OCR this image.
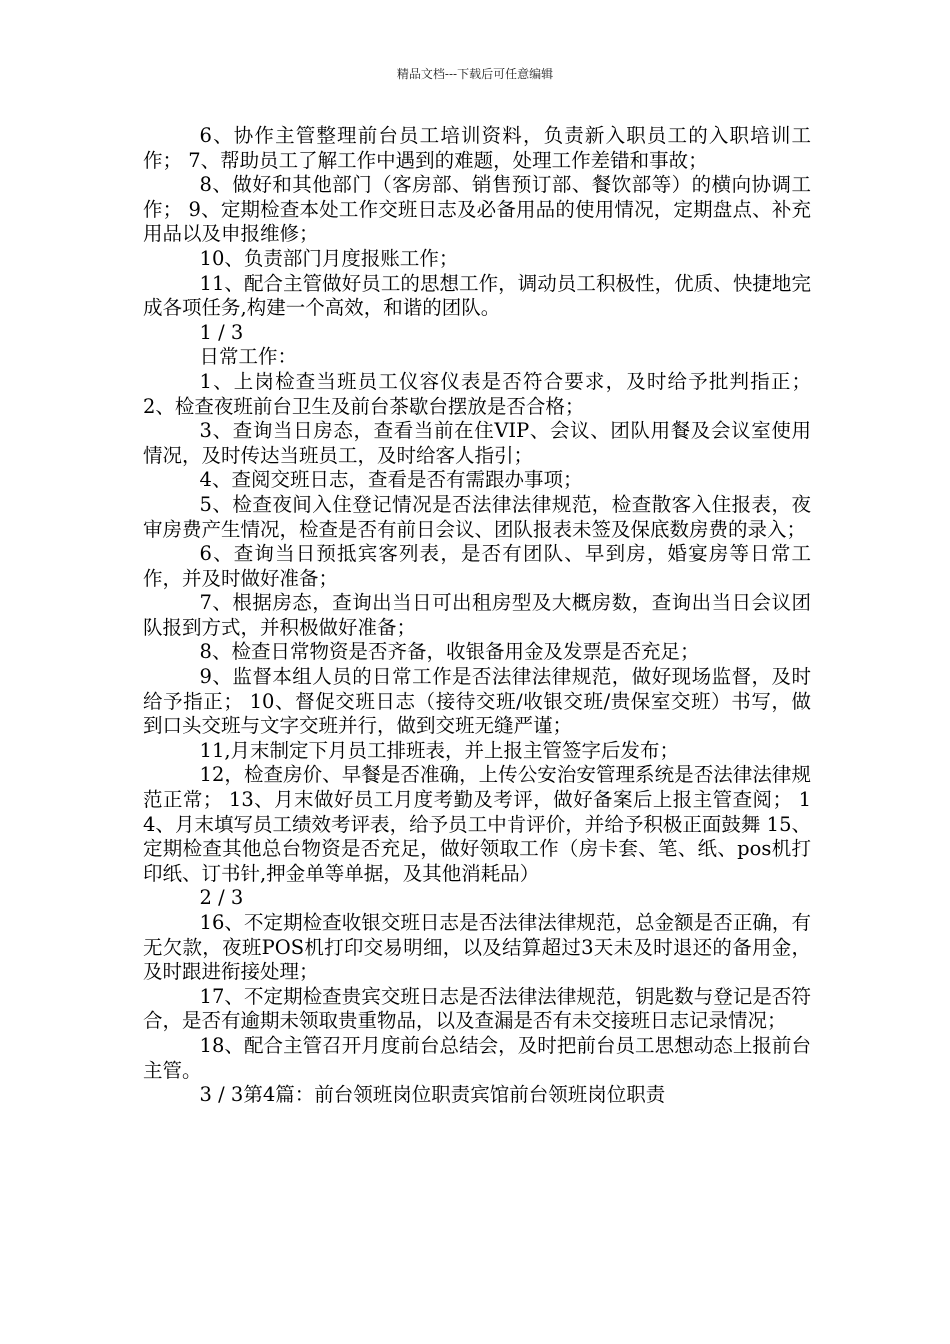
精品文档---下载后可任意编辑

6、协作主管整理前台员工培训资料，负责新入职员工的入职培训工作； 7、帮助员工了解工作中遇到的难题，处理工作差错和事故；

8、做好和其他部门（客房部、销售预订部、餐饮部等）的横向协调工作； 9、定期检查本处工作交班日志及必备用品的使用情况，定期盘点、补充用品以及申报维修；

10、负责部门月度报账工作；

11、配合主管做好员工的思想工作，调动员工积极性，优质、快捷地完成各项任务,构建一个高效，和谐的团队。

1 / 3

日常工作：

1、上岗检查当班员工仪容仪表是否符合要求，及时给予批判指正； 2、检查夜班前台卫生及前台茶歇台摆放是否合格；

3、查询当日房态，查看当前在住VIP、会议、团队用餐及会议室使用情况，及时传达当班员工，及时给客人指引；

4、查阅交班日志，查看是否有需跟办事项；

5、检查夜间入住登记情况是否法律法律规范，检查散客入住报表，夜审房费产生情况，检查是否有前日会议、团队报表未签及保底数房费的录入；

6、查询当日预抵宾客列表，是否有团队、早到房，婚宴房等日常工作，并及时做好准备；

7、根据房态，查询出当日可出租房型及大概房数，查询出当日会议团队报到方式，并积极做好准备；

8、检查日常物资是否齐备，收银备用金及发票是否充足；

9、监督本组人员的日常工作是否法律法律规范，做好现场监督，及时给予指正； 10、督促交班日志（接待交班/收银交班/贵保室交班）书写，做到口头交班与文字交班并行，做到交班无缝严谨；

11,月末制定下月员工排班表，并上报主管签字后发布；

12，检查房价、早餐是否准确，上传公安治安管理系统是否法律法律规范正常； 13、月末做好员工月度考勤及考评，做好备案后上报主管查阅； 14、月末填写员工绩效考评表，给予员工中肯评价，并给予积极正面鼓舞 15、定期检查其他总台物资是否充足，做好领取工作（房卡套、笔、纸、pos机打印纸、订书针,押金单等单据，及其他消耗品）

2 / 3

16、不定期检查收银交班日志是否法律法律规范，总金额是否正确，有无欠款，夜班POS机打印交易明细，以及结算超过3天未及时退还的备用金，及时跟进衔接处理；

17、不定期检查贵宾交班日志是否法律法律规范，钥匙数与登记是否符合，是否有逾期未领取贵重物品，以及查漏是否有未交接班日志记录情况；

18、配合主管召开月度前台总结会，及时把前台员工思想动态上报前台主管。

3 / 3第4篇：前台领班岗位职责宾馆前台领班岗位职责
